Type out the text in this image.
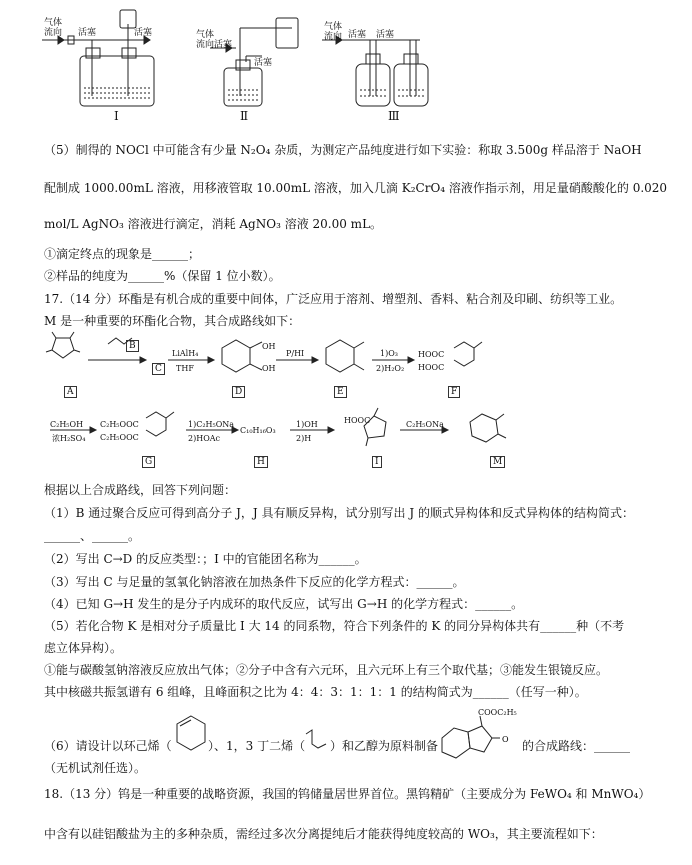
气体
流向 活塞	活塞	气体
流向 活塞
活塞
气体
流向 活塞 活塞
Ⅰ	Ⅱ	Ⅲ
（5）制得的 NOCl 中可能含有少量 N₂O₄ 杂质，为测定产品纯度进行如下实验：称取 3.500g 样品溶于 NaOH
配制成 1000.00mL 溶液，用移液管取 10.00mL 溶液，加入几滴 K₂CrO₄ 溶液作指示剂，用足量硝酸酸化的 0.020
mol/L AgNO₃ 溶液进行滴定，消耗 AgNO₃ 溶液 20.00 mL。
①滴定终点的现象是______；
②样品的纯度为______%（保留 1 位小数）。
17.（14 分）环酯是有机合成的重要中间体，广泛应用于溶剂、增塑剂、香料、粘合剂及印刷、纺织等工业。
M 是一种重要的环酯化合物，其合成路线如下：
B
C
A
LiAlH₄
THF
OH
OH
D
P/HI
E
1)O₃
2)H₂O₂
HOOC
HOOC
F
C₂H₅OH
浓H₂SO₄
C₂H₅OOC
C₂H₅OOC
G
1)C₂H₅ONa
2)HOAc
C₁₀H₁₆O₃
H
1)OH
2)H
HOOC
I
C₂H₅ONa
M
根据以上合成路线，回答下列问题：
（1）B 通过聚合反应可得到高分子 J，J 具有顺反异构，试分别写出 J 的顺式异构体和反式异构体的结构简式：
______、______。
（2）写出 C→D 的反应类型：；I 中的官能团名称为______。
（3）写出 C 与足量的氢氧化钠溶液在加热条件下反应的化学方程式：______。
（4）已知 G→H 发生的是分子内成环的取代反应，试写出 G→H 的化学方程式：______。
（5）若化合物 K 是相对分子质量比 I 大 14 的同系物，符合下列条件的 K 的同分异构体共有______种（不考
虑立体异构）。
①能与碳酸氢钠溶液反应放出气体；②分子中含有六元环，且六元环上有三个取代基；③能发生银镜反应。
其中核磁共振氢谱有 6 组峰，且峰面积之比为 4：4：3：1：1：1 的结构简式为______（任写一种）。
（6）请设计以环己烯（	）、1，3 丁二烯（ ）和乙醇为原料制备	O
COOC₂H₅
的合成路线：______
（无机试剂任选）。
18.（13 分）钨是一种重要的战略资源，我国的钨储量居世界首位。黑钨精矿（主要成分为 FeWO₄ 和 MnWO₄）
中含有以硅铝酸盐为主的多种杂质，需经过多次分离提纯后才能获得纯度较高的 WO₃，其主要流程如下：
